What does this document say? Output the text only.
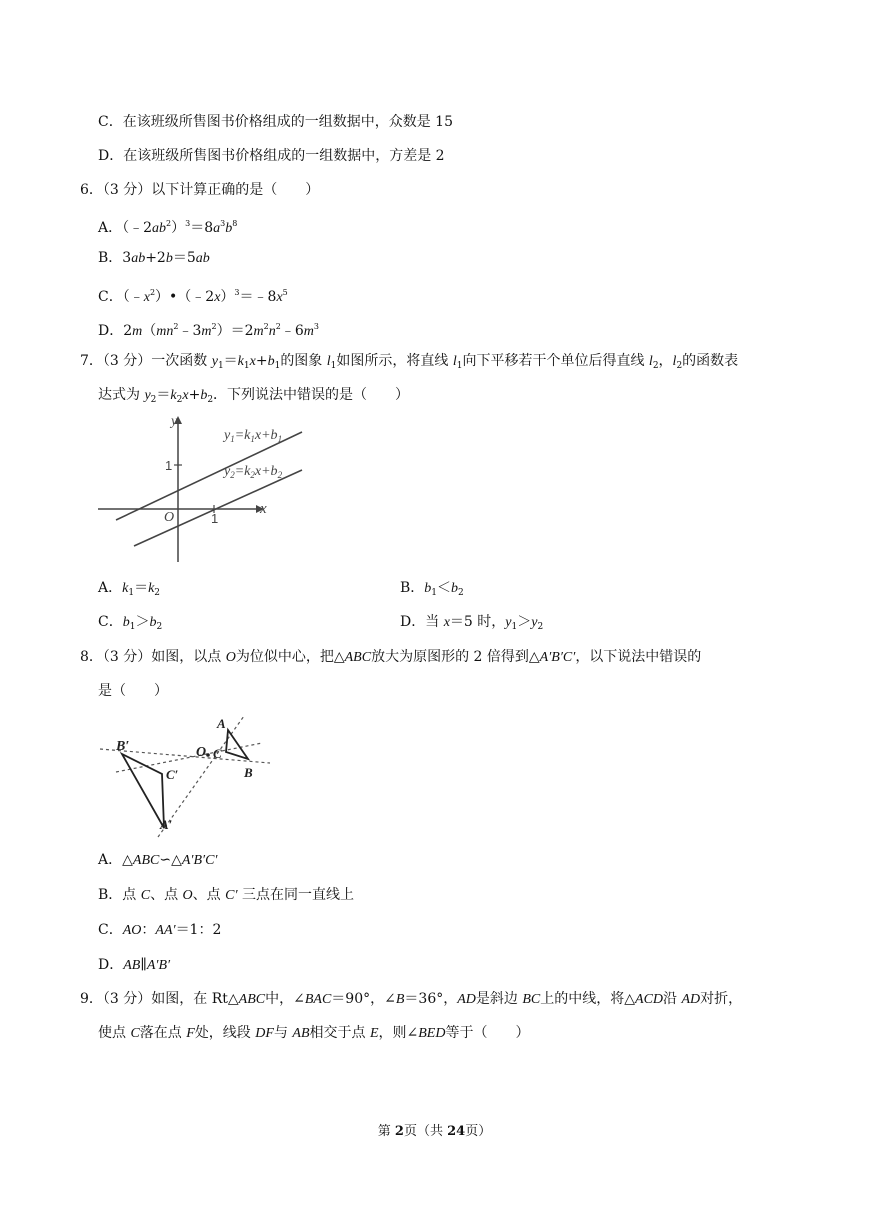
C．在该班级所售图书价格组成的一组数据中，众数是 15
D．在该班级所售图书价格组成的一组数据中，方差是 2
6．（3 分）以下计算正确的是（　　）
A．$(﹣2ab^2)^3=8a^3b^8$
B．3ab+2b＝5ab
C．$(﹣x^2)•(﹣2x)^3=﹣8x^5$
D．$2m(mn^2﹣3m^2)=2m^2n^2﹣6m^3$
7．（3 分）一次函数 $y_1=k_1x+b_1$的图象 $l_1$如图所示，将直线 $l_1$向下平移若干个单位后得直线 $l_2$，$l_2$的函数表
达式为 $y_2=k_2x+b_2$．下列说法中错误的是（　　）
y
x
O
1
1
$y_1=k_1x+b_1$
$y_2=k_2x+b_2$
A．$k_1=k_2$	B．$b_1<b_2$
C．$b_1>b_2$	D．当 x＝5 时，$y_1>y_2$
8．（3 分）如图，以点 O为位似中心，把△ABC放大为原图形的 2 倍得到△A′B′C′，以下说法中错误的
是（　　）
B′
C′
A′
O C
A
B
A．△ABC∽△A′B′C′
B．点 C、点 O、点 C′ 三点在同一直线上
C．AO：AA′＝1：2
D．AB∥A′B′
9．（3 分）如图，在 Rt△ABC中，∠BAC＝90°，∠B＝36°，AD是斜边 BC上的中线，将△ACD沿 AD对折，
使点 C落在点 F处，线段 DF与 AB相交于点 E，则∠BED等于（　　）
第 2页（共 24页）
